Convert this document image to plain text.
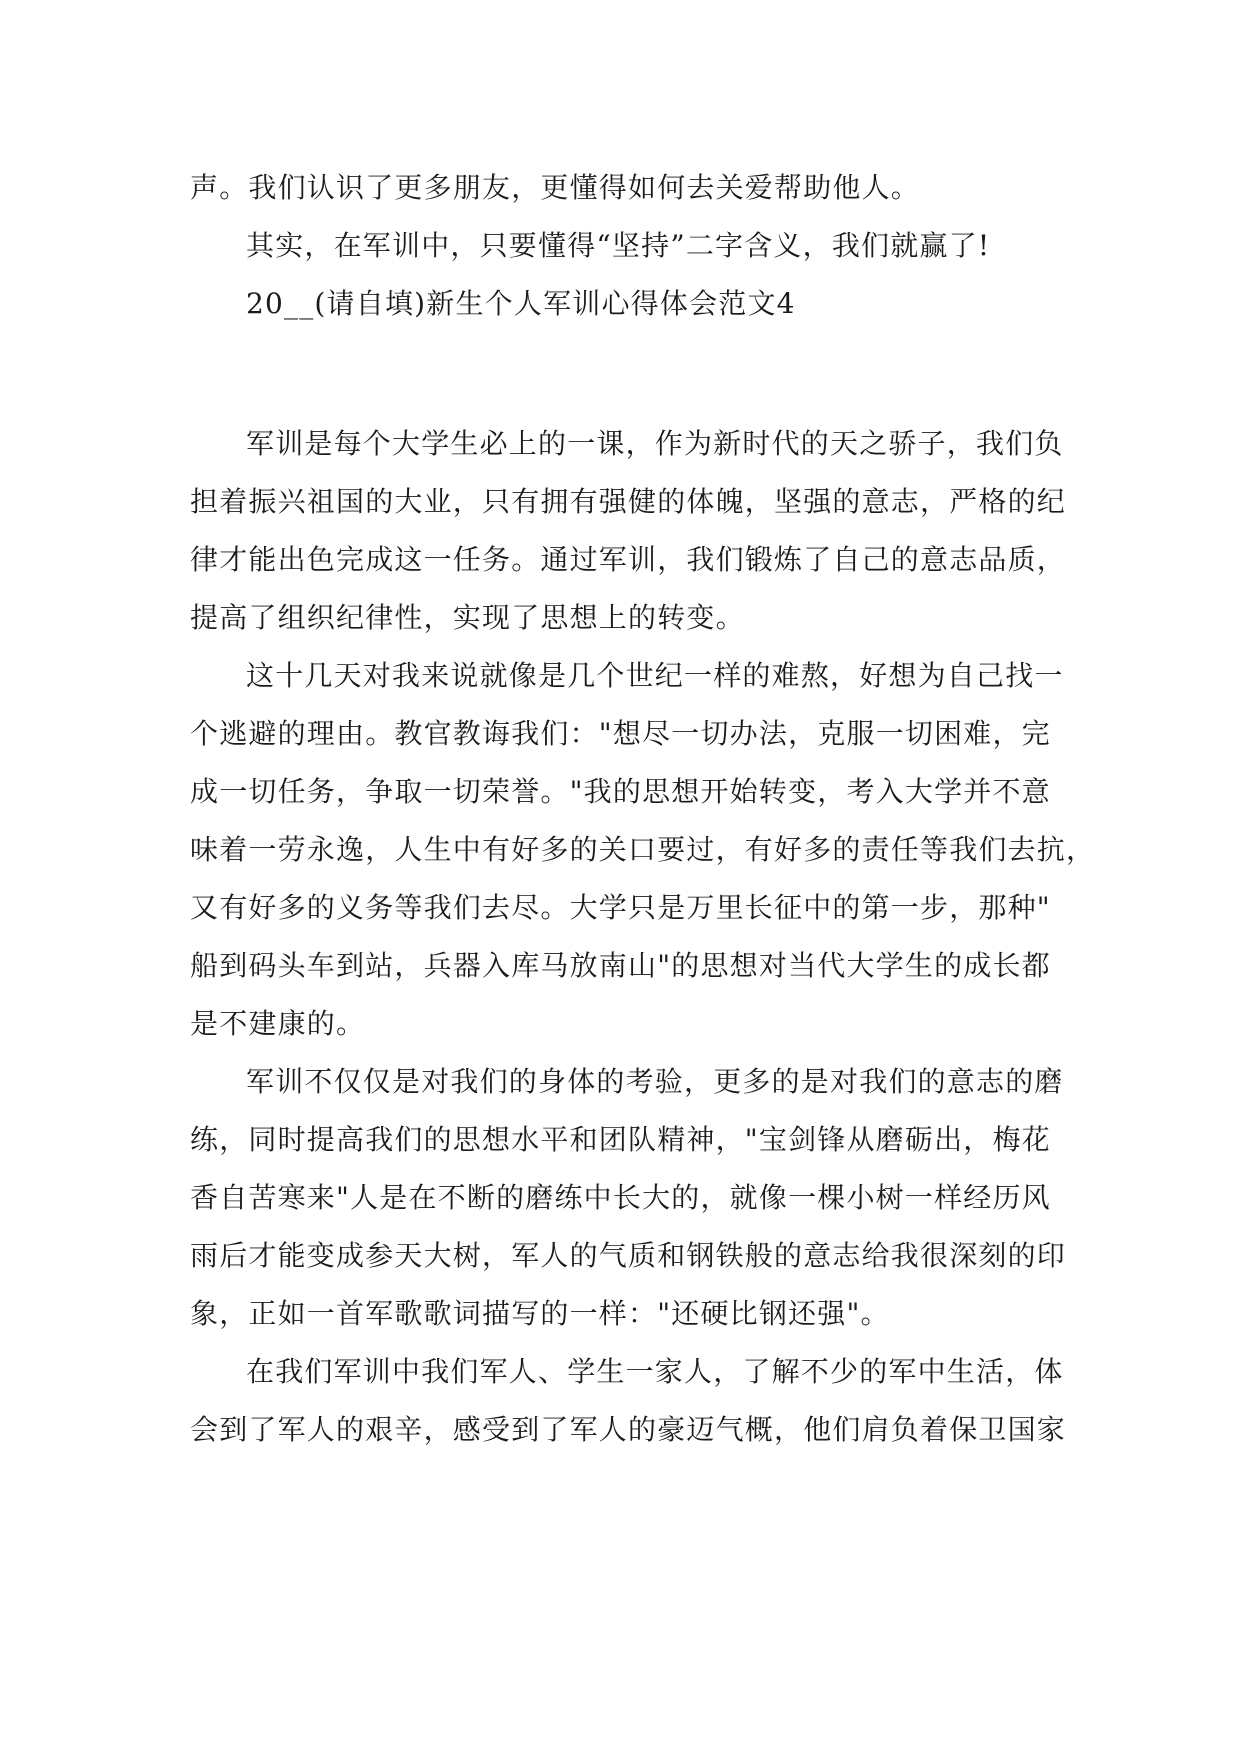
声。我们认识了更多朋友，更懂得如何去关爱帮助他人。
其实，在军训中，只要懂得“坚持”二字含义，我们就赢了!
20__(请自填)新生个人军训心得体会范文4
军训是每个大学生必上的一课，作为新时代的天之骄子，我们负
担着振兴祖国的大业，只有拥有强健的体魄，坚强的意志，严格的纪
律才能出色完成这一任务。通过军训，我们锻炼了自己的意志品质，
提高了组织纪律性，实现了思想上的转变。
这十几天对我来说就像是几个世纪一样的难熬，好想为自己找一
个逃避的理由。教官教诲我们："想尽一切办法，克服一切困难，完
成一切任务，争取一切荣誉。"我的思想开始转变，考入大学并不意
味着一劳永逸，人生中有好多的关口要过，有好多的责任等我们去抗，
又有好多的义务等我们去尽。大学只是万里长征中的第一步，那种"
船到码头车到站，兵器入库马放南山"的思想对当代大学生的成长都
是不建康的。
军训不仅仅是对我们的身体的考验，更多的是对我们的意志的磨
练，同时提高我们的思想水平和团队精神，"宝剑锋从磨砺出，梅花
香自苦寒来"人是在不断的磨练中长大的，就像一棵小树一样经历风
雨后才能变成参天大树，军人的气质和钢铁般的意志给我很深刻的印
象，正如一首军歌歌词描写的一样："还硬比钢还强"。
在我们军训中我们军人、学生一家人，了解不少的军中生活，体
会到了军人的艰辛，感受到了军人的豪迈气概，他们肩负着保卫国家
